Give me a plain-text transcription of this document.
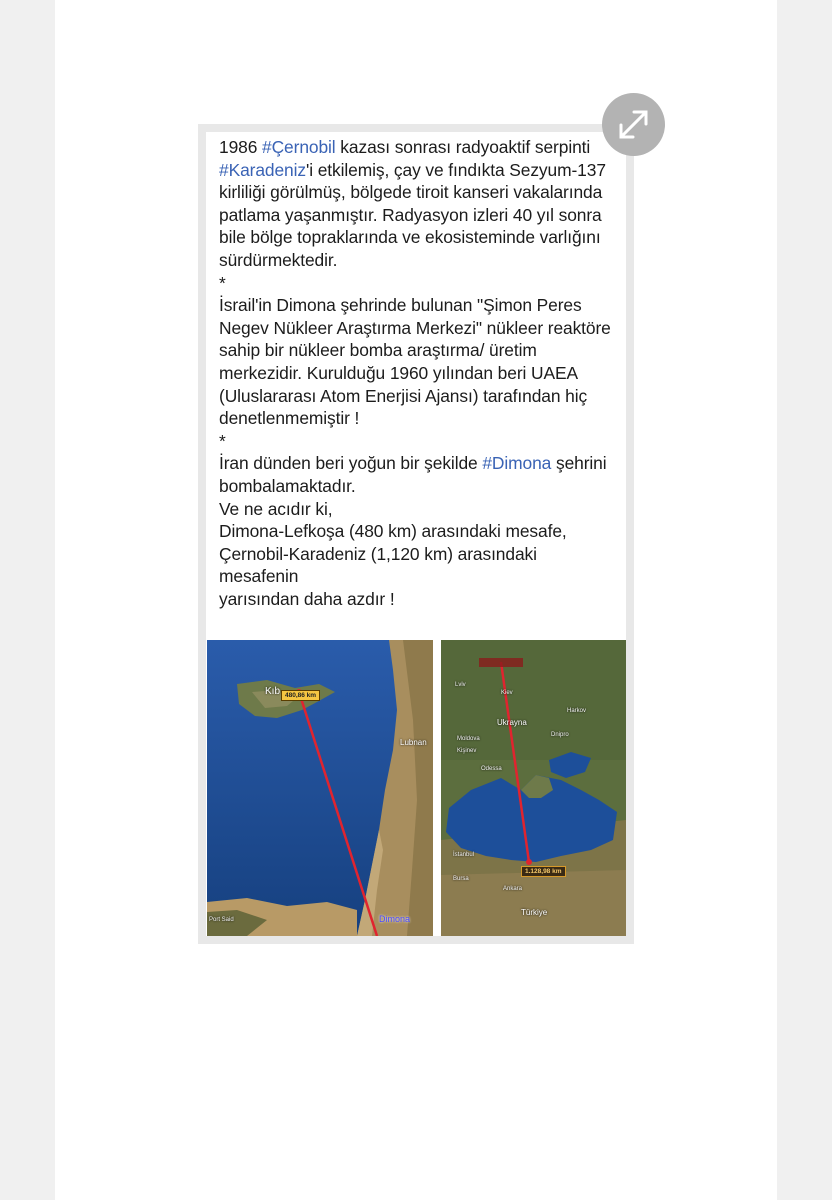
1986 #Çernobil kazası sonrası radyoaktif serpinti #Karadeniz'i etkilemiş, çay ve fındıkta Sezyum-137 kirliliği görülmüş, bölgede tiroit kanseri vakalarında patlama yaşanmıştır. Radyasyon izleri 40 yıl sonra bile bölge topraklarında ve ekosisteminde varlığını sürdürmektedir.

*

İsrail'in Dimona şehrinde bulunan "Şimon Peres Negev Nükleer Araştırma Merkezi" nükleer reaktöre sahip bir nükleer bomba araştırma/ üretim merkezidir. Kurulduğu 1960 yılından beri UAEA (Uluslararası Atom Enerjisi Ajansı) tarafından hiç denetlenmemiştir !

*

İran dünden beri yoğun bir şekilde #Dimona şehrini bombalamaktadır.

Ve ne acıdır ki,

Dimona-Lefkoşa (480 km) arasındaki mesafe,

Çernobil-Karadeniz (1,120 km) arasındaki mesafenin

yarısından daha azdır !

Kıb 480,86 km
Lubnan
Dimona
Port Said
Kiev
Lviv
Ukrayna
Harkov
Dnipro
Moldova
Kişinev
Odessa
1.128,98 km
İstanbul
Bursa
Ankara
Türkiye
